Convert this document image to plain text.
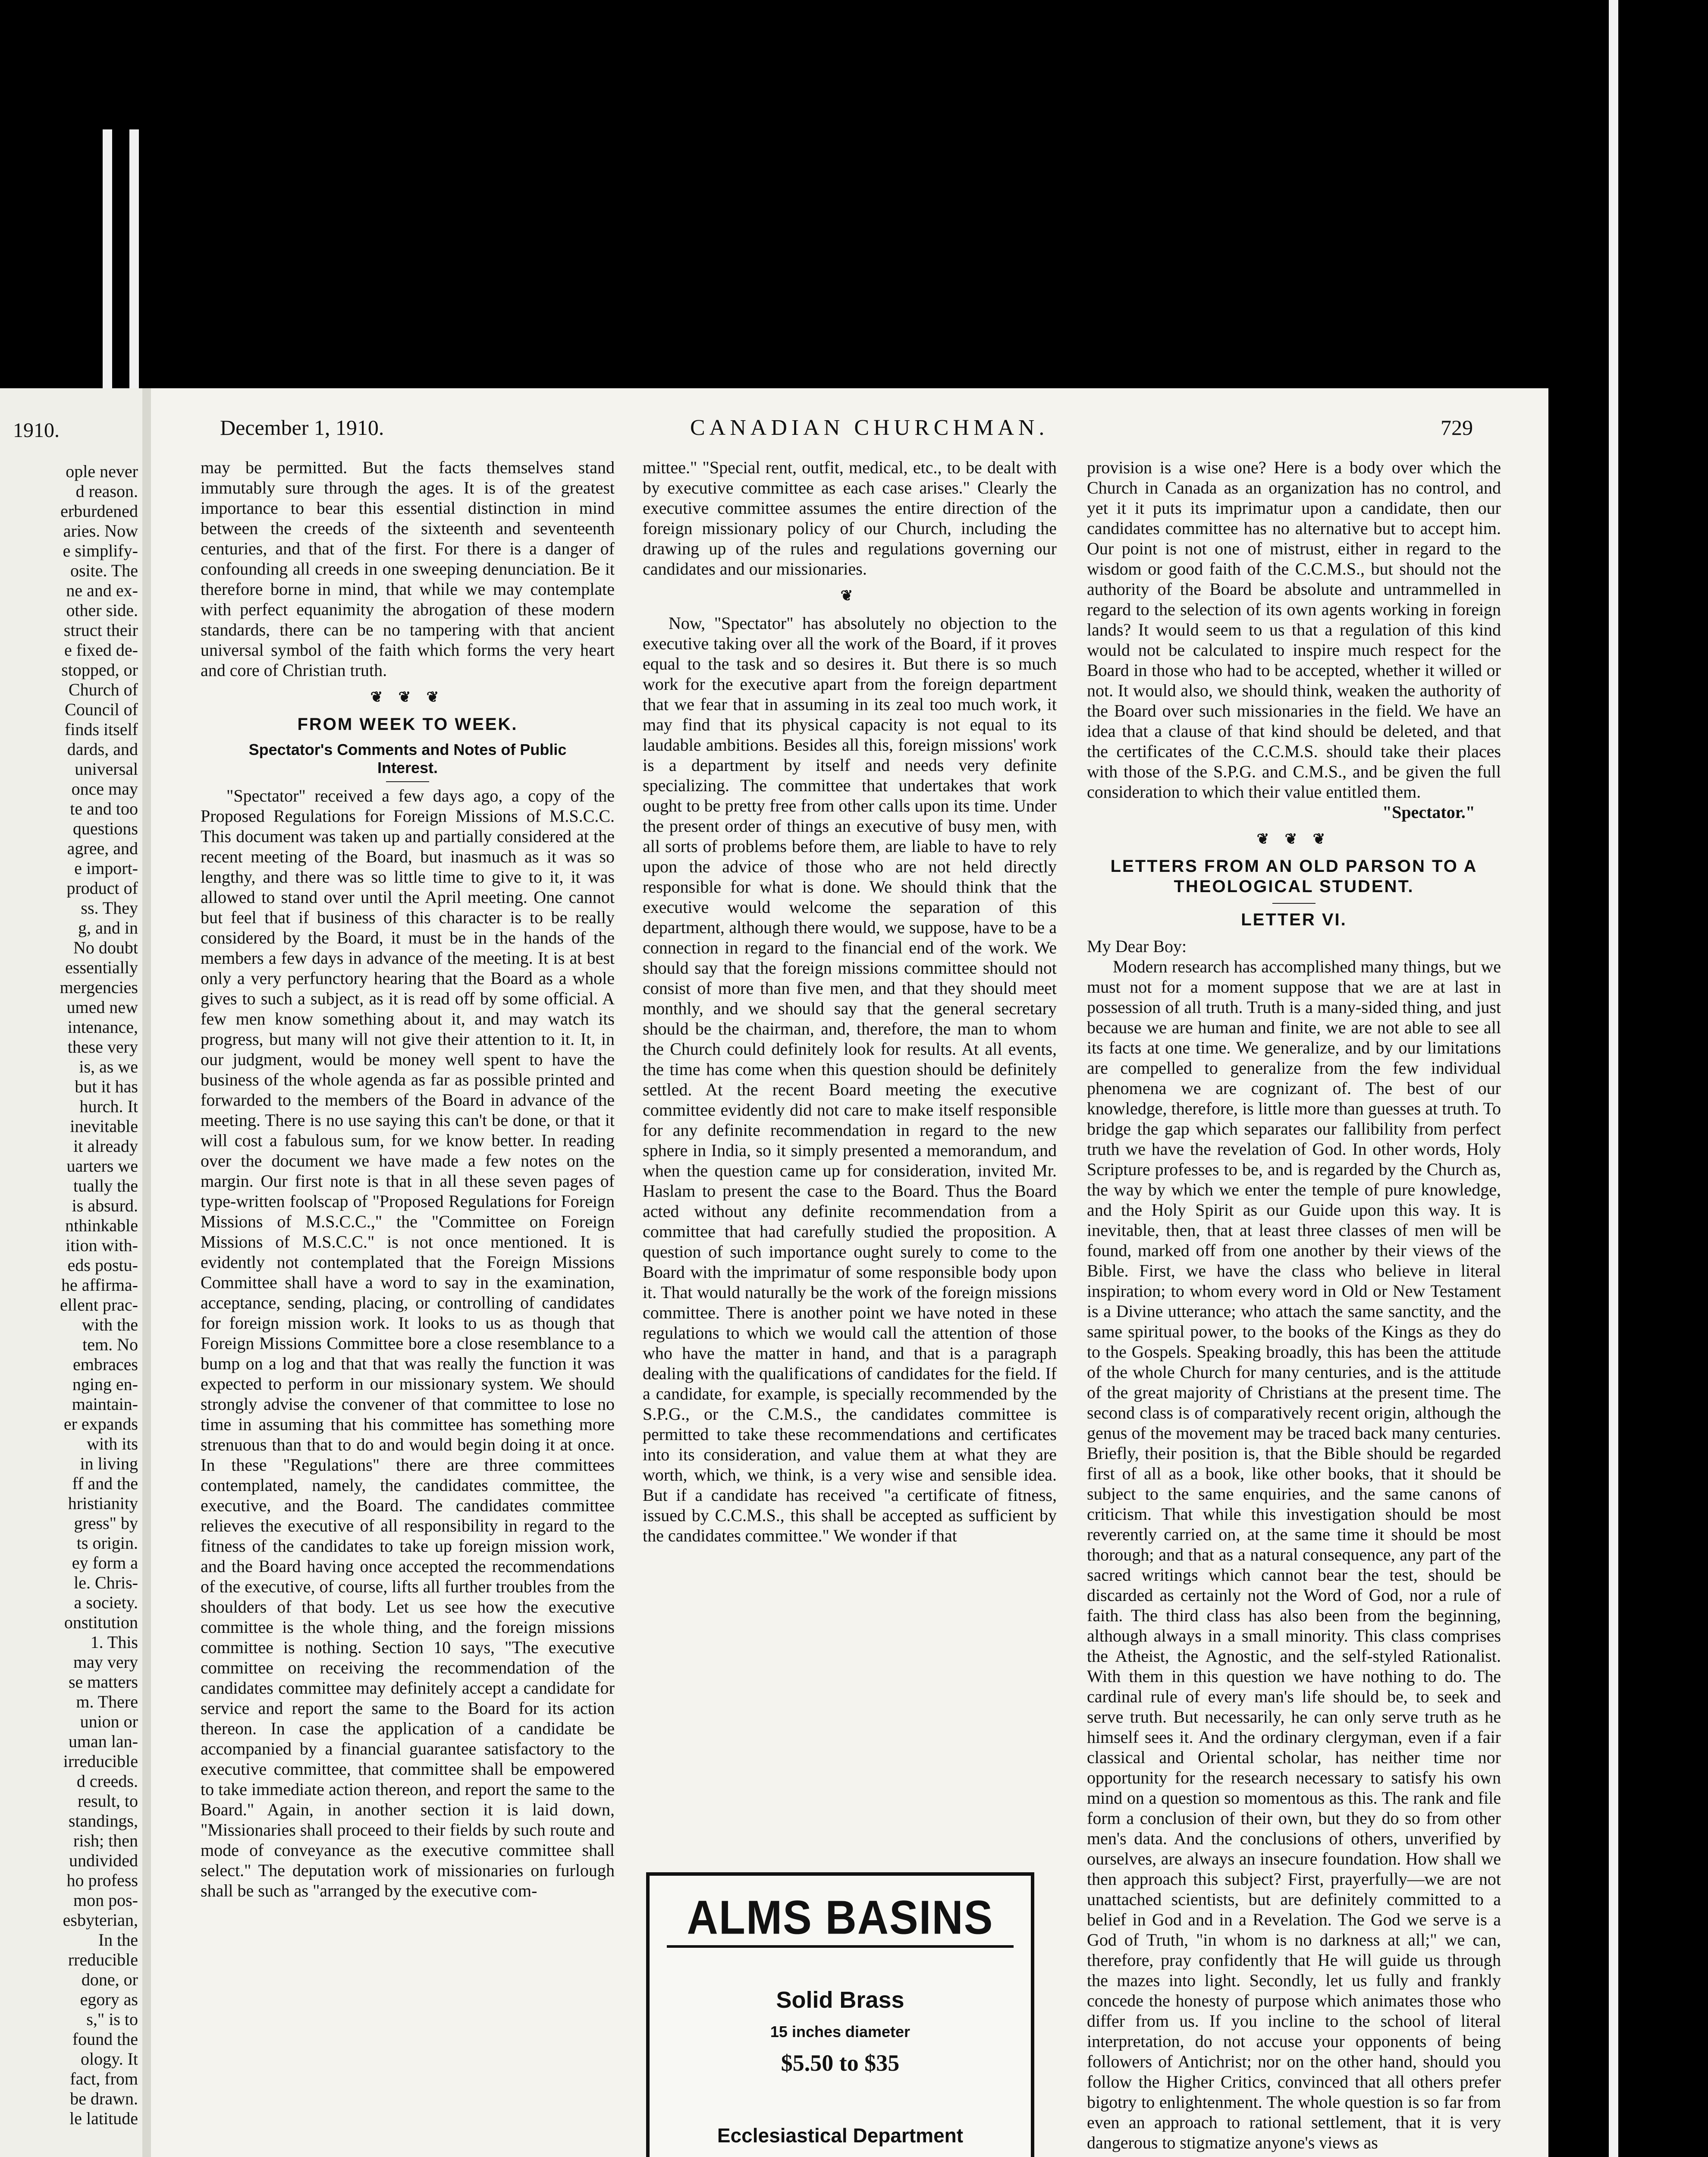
1910.
ople never
d reason.
erburdened
aries. Now
e simplify-
osite. The
ne and ex-
other side.
struct their
e fixed de-
stopped, or
Church of
Council of
finds itself
dards, and
universal
once may
te and too
questions
agree, and
e import-
product of
ss. They
g, and in
No doubt
essentially
mergencies
umed new
intenance,
these very
is, as we
but it has
hurch. It
inevitable
it already
uarters we
tually the
is absurd.
nthinkable
ition with-
eds postu-
he affirma-
ellent prac-
with the
tem. No
embraces
nging en-
maintain-
er expands
with its
in living
ff and the
hristianity
gress" by
ts origin.
ey form a
le. Chris-
a society.
onstitution
1. This
may very
se matters
m. There
union or
uman lan-
irreducible
d creeds.
result, to
standings,
rish; then
undivided
ho profess
mon pos-
esbyterian,
In the
rreducible
done, or
egory as
s," is to
found the
ology. It
fact, from
be drawn.
le latitude
December 1, 1910.	CANADIAN CHURCHMAN.	729

may be permitted. But the facts themselves stand immutably sure through the ages. It is of the greatest importance to bear this essential distinction in mind between the creeds of the sixteenth and seventeenth centuries, and that of the first. For there is a danger of confounding all creeds in one sweeping denunciation. Be it therefore borne in mind, that while we may contemplate with perfect equanimity the abrogation of these modern standards, there can be no tampering with that ancient universal symbol of the faith which forms the very heart and core of Christian truth.

❦ ❦ ❦
FROM WEEK TO WEEK.
Spectator's Comments and Notes of Public Interest.

"Spectator" received a few days ago, a copy of the Proposed Regulations for Foreign Missions of M.S.C.C. This document was taken up and partially considered at the recent meeting of the Board, but inasmuch as it was so lengthy, and there was so little time to give to it, it was allowed to stand over until the April meeting. One cannot but feel that if business of this character is to be really considered by the Board, it must be in the hands of the members a few days in advance of the meeting. It is at best only a very perfunctory hearing that the Board as a whole gives to such a subject, as it is read off by some official. A few men know something about it, and may watch its progress, but many will not give their attention to it. It, in our judgment, would be money well spent to have the business of the whole agenda as far as possible printed and forwarded to the members of the Board in advance of the meeting. There is no use saying this can't be done, or that it will cost a fabulous sum, for we know better. In reading over the document we have made a few notes on the margin. Our first note is that in all these seven pages of type-written foolscap of "Proposed Regulations for Foreign Missions of M.S.C.C.," the "Committee on Foreign Missions of M.S.C.C." is not once mentioned. It is evidently not contemplated that the Foreign Missions Committee shall have a word to say in the examination, acceptance, sending, placing, or controlling of candidates for foreign mission work. It looks to us as though that Foreign Missions Committee bore a close resemblance to a bump on a log and that that was really the function it was expected to perform in our missionary system. We should strongly advise the convener of that committee to lose no time in assuming that his committee has something more strenuous than that to do and would begin doing it at once. In these "Regulations" there are three committees contemplated, namely, the candidates committee, the executive, and the Board. The candidates committee relieves the executive of all responsibility in regard to the fitness of the candidates to take up foreign mission work, and the Board having once accepted the recommendations of the executive, of course, lifts all further troubles from the shoulders of that body. Let us see how the executive committee is the whole thing, and the foreign missions committee is nothing. Section 10 says, "The executive committee on receiving the recommendation of the candidates committee may definitely accept a candidate for service and report the same to the Board for its action thereon. In case the application of a candidate be accompanied by a financial guarantee satisfactory to the executive committee, that committee shall be empowered to take immediate action thereon, and report the same to the Board." Again, in another section it is laid down, "Missionaries shall proceed to their fields by such route and mode of conveyance as the executive committee shall select." The deputation work of missionaries on furlough shall be such as "arranged by the executive com-

mittee." "Special rent, outfit, medical, etc., to be dealt with by executive committee as each case arises." Clearly the executive committee assumes the entire direction of the foreign missionary policy of our Church, including the drawing up of the rules and regulations governing our candidates and our missionaries.

❦

Now, "Spectator" has absolutely no objection to the executive taking over all the work of the Board, if it proves equal to the task and so desires it. But there is so much work for the executive apart from the foreign department that we fear that in assuming in its zeal too much work, it may find that its physical capacity is not equal to its laudable ambitions. Besides all this, foreign missions' work is a department by itself and needs very definite specializing. The committee that undertakes that work ought to be pretty free from other calls upon its time. Under the present order of things an executive of busy men, with all sorts of problems before them, are liable to have to rely upon the advice of those who are not held directly responsible for what is done. We should think that the executive would welcome the separation of this department, although there would, we suppose, have to be a connection in regard to the financial end of the work. We should say that the foreign missions committee should not consist of more than five men, and that they should meet monthly, and we should say that the general secretary should be the chairman, and, therefore, the man to whom the Church could definitely look for results. At all events, the time has come when this question should be definitely settled. At the recent Board meeting the executive committee evidently did not care to make itself responsible for any definite recommendation in regard to the new sphere in India, so it simply presented a memorandum, and when the question came up for consideration, invited Mr. Haslam to present the case to the Board. Thus the Board acted without any definite recommendation from a committee that had carefully studied the proposition. A question of such importance ought surely to come to the Board with the imprimatur of some responsible body upon it. That would naturally be the work of the foreign missions committee. There is another point we have noted in these regulations to which we would call the attention of those who have the matter in hand, and that is a paragraph dealing with the qualifications of candidates for the field. If a candidate, for example, is specially recommended by the S.P.G., or the C.M.S., the candidates committee is permitted to take these recommendations and certificates into its consideration, and value them at what they are worth, which, we think, is a very wise and sensible idea. But if a candidate has received "a certificate of fitness, issued by C.C.M.S., this shall be accepted as sufficient by the candidates committee." We wonder if that

provision is a wise one? Here is a body over which the Church in Canada as an organization has no control, and yet it it puts its imprimatur upon a candidate, then our candidates committee has no alternative but to accept him. Our point is not one of mistrust, either in regard to the wisdom or good faith of the C.C.M.S., but should not the authority of the Board be absolute and untrammelled in regard to the selection of its own agents working in foreign lands? It would seem to us that a regulation of this kind would not be calculated to inspire much respect for the Board in those who had to be accepted, whether it willed or not. It would also, we should think, weaken the authority of the Board over such missionaries in the field. We have an idea that a clause of that kind should be deleted, and that the certificates of the C.C.M.S. should take their places with those of the S.P.G. and C.M.S., and be given the full consideration to which their value entitled them.

"Spectator."
❦ ❦ ❦
LETTERS FROM AN OLD PARSON TO A THEOLOGICAL STUDENT.
LETTER VI.

My Dear Boy:

Modern research has accomplished many things, but we must not for a moment suppose that we are at last in possession of all truth. Truth is a many-sided thing, and just because we are human and finite, we are not able to see all its facts at one time. We generalize, and by our limitations are compelled to generalize from the few individual phenomena we are cognizant of. The best of our knowledge, therefore, is little more than guesses at truth. To bridge the gap which separates our fallibility from perfect truth we have the revelation of God. In other words, Holy Scripture professes to be, and is regarded by the Church as, the way by which we enter the temple of pure knowledge, and the Holy Spirit as our Guide upon this way. It is inevitable, then, that at least three classes of men will be found, marked off from one another by their views of the Bible. First, we have the class who believe in literal inspiration; to whom every word in Old or New Testament is a Divine utterance; who attach the same sanctity, and the same spiritual power, to the books of the Kings as they do to the Gospels. Speaking broadly, this has been the attitude of the whole Church for many centuries, and is the attitude of the great majority of Christians at the present time. The second class is of comparatively recent origin, although the genus of the movement may be traced back many centuries. Briefly, their position is, that the Bible should be regarded first of all as a book, like other books, that it should be subject to the same enquiries, and the same canons of criticism. That while this investigation should be most reverently carried on, at the same time it should be most thorough; and that as a natural consequence, any part of the sacred writings which cannot bear the test, should be discarded as certainly not the Word of God, nor a rule of faith. The third class has also been from the beginning, although always in a small minority. This class comprises the Atheist, the Agnostic, and the self-styled Rationalist. With them in this question we have nothing to do. The cardinal rule of every man's life should be, to seek and serve truth. But necessarily, he can only serve truth as he himself sees it. And the ordinary clergyman, even if a fair classical and Oriental scholar, has neither time nor opportunity for the research necessary to satisfy his own mind on a question so momentous as this. The rank and file form a conclusion of their own, but they do so from other men's data. And the conclusions of others, unverified by ourselves, are always an insecure foundation. How shall we then approach this subject? First, prayerfully—we are not unattached scientists, but are definitely committed to a belief in God and in a Revelation. The God we serve is a God of Truth, "in whom is no darkness at all;" we can, therefore, pray confidently that He will guide us through the mazes into light. Secondly, let us fully and frankly concede the honesty of purpose which animates those who differ from us. If you incline to the school of literal interpretation, do not accuse your opponents of being followers of Antichrist; nor on the other hand, should you follow the Higher Critics, convinced that all others prefer bigotry to enlightenment. The whole question is so far from even an approach to rational settlement, that it is very dangerous to stigmatize anyone's views as

ALMS BASINS
Solid Brass
15 inches diameter
$5.50 to $35
Ecclesiastical Department
